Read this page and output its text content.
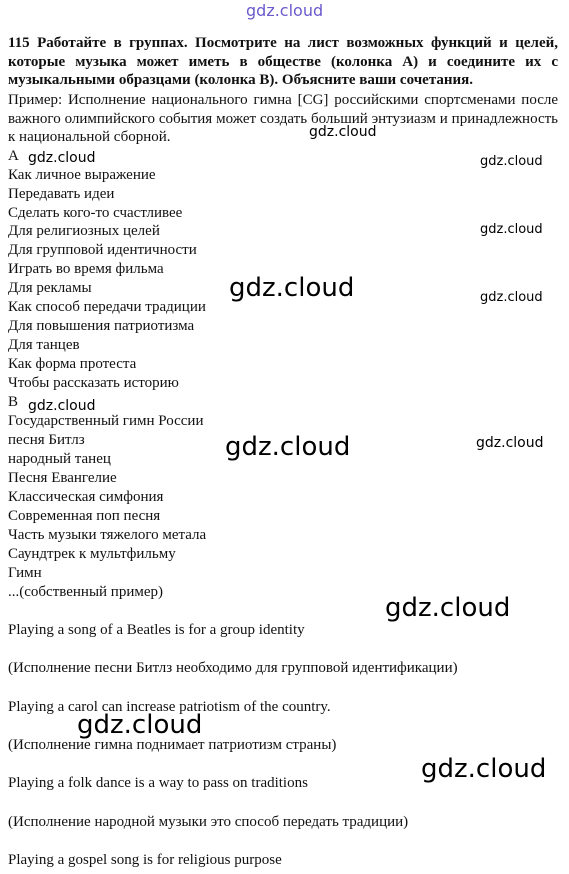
gdz.cloud
115 Работайте в группах. Посмотрите на лист возможных функций и целей, которые музыка может иметь в обществе (колонка A) и соедините их с музыкальными образцами (колонка B). Объясните ваши сочетания.
Пример: Исполнение национального гимна [CG] российскими спортсменами после важного олимпийского события может создать больший энтузиазм и принадлежность к национальной сборной.
A
Как личное выражение
Передавать идеи
Сделать кого-то счастливее
Для религиозных целей
Для групповой идентичности
Играть во время фильма
Для рекламы
Как способ передачи традиции
Для повышения патриотизма
Для танцев
Как форма протеста
Чтобы рассказать историю
B
Государственный гимн России
песня Битлз
народный танец
Песня Евангелие
Классическая симфония
Современная поп песня
Часть музыки тяжелого метала
Саундтрек к мультфильму
Гимн
...(собственный пример)
Playing a song of a Beatles is for a group identity
(Исполнение песни Битлз необходимо для групповой идентификации)
Playing a carol can increase patriotism of the country.
(Исполнение гимна поднимает патриотизм страны)
Playing a folk dance is a way to pass on traditions
(Исполнение народной музыки это способ передать традиции)
Playing a gospel song is for religious purpose
gdz.cloud
gdz.cloud	gdz.cloud
gdz.cloud
gdz.cloud	gdz.cloud
gdz.cloud
gdz.cloud
gdz.cloud
gdz.cloud
gdz.cloud
gdz.cloud
